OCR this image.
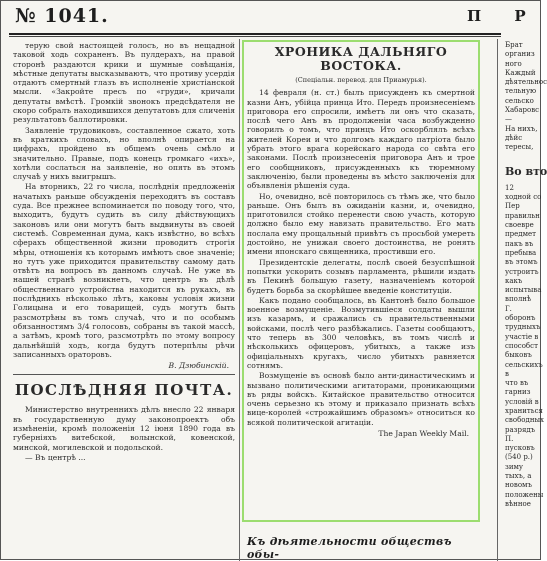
№ 1041.	П Р

терую свой настоящей голосъ, но въ нещадной таковой ходь сохраненъ. Въ пулдерахъ, на правой сторонѣ раздаются крики и шумные совѣщанія, мѣстные депутаты высказываютъ, что противу усердія отдаютъ смертный глазъ въ исполненіе христіанской мысли. «Закройте пресъ по «груди», кричали депутаты вмѣстѣ. Громкій звонокъ предсѣдателя не скоро собралъ находившихся депутатовъ для сличенія результатовъ баллотировки.

Заявленіе трудовиковъ, составленное сжато, хоть въ краткихъ словахъ, но вполнѣ опирается на цифрахъ, пройдено въ общемъ очень смѣло и значительно. Правые, подъ конецъ громкаго «ихъ», хотѣли сослаться на заявленіе, но опять въ этомъ случаѣ у нихъ выигрышъ.

На вторникъ, 22 го числа, послѣднія предложенія начатыхъ раньше обсужденія переходятъ въ составъ суда. Все прежнее вспоминается по поводу того, что, выходитъ, будутъ судить въ силу дѣйствующихъ законовъ или они могутъ быть выдвинуты въ своей системѣ. Современная дума, какъ извѣстно, во всѣхъ сферахъ общественной жизни проводитъ строгія мѣры, отношенія къ которымъ имѣютъ свое значеніе; но тутъ уже приходится правительству самому дать отвѣтъ на вопросъ въ данномъ случаѣ. Не уже въ нашей странѣ возникнетъ, что центръ въ дѣлѣ общественнаго устройства находится въ рукахъ, въ послѣднихъ нѣсколько лѣтъ, каковы условія жизни Голицына и его товарищей, судъ могутъ быть разсмотрѣны въ томъ случаѣ, что и по особымъ обязанностямъ 3/4 голосовъ, собраны въ такой массѣ, а затѣмъ, кромѣ того, разсмотрѣть по этому вопросу дальнѣйшій ходъ, когда будутъ потерпѣлы рѣчи записанныхъ ораторовъ.

В. Дзюбинскій.
ПОСЛѢДНЯЯ ПОЧТА.

Министерство внутреннихъ дѣлъ внесло 22 января въ государственную думу законопроектъ объ измѣненіи, кромѣ положенія 12 іюня 1890 года въ губерніяхъ витебской, волынской, ковенской, минской, могилевской и подольской.

— Въ центрѣ ...

ХРОНИКА ДАЛЬНЯГО ВОСТОКА.
(Спеціальн. перевод. для Приамурья).

14 февраля (н. ст.) былъ присужденъ къ смертной казни Анъ, убійца принца Ито. Передъ произнесеніемъ приговора его спросили, имѣетъ ли онъ что сказать, послѣ чего Анъ въ продолженіи часа возбужденно говорилъ о томъ, что принцъ Ито оскорблялъ всѣхъ жителей Кореи и что долгомъ каждаго патріота было убрать этого врага корейскаго народа со свѣта его законами. Послѣ произнесенія приговора Анъ и трое его сообщниковъ, присужденныхъ къ тюремному заключенію, были проведены въ мѣсто заключенія для объявленія рѣшенія суда.

Но, очевидно, всё повторилось съ тѣмъ же, что было раньше. Онъ былъ въ ожиданіи казни, и, очевидно, приготовился стойко перенести свою участь, которую должно было ему навязать правительство. Его мать послала ему прощальный привѣтъ съ просьбой умереть достойно, не унижая своего достоинства, не ронять имени японскаго священника, простивши его.

Президентскіе делегаты, послѣ своей безуспѣшной попытки ускорить созывъ парламента, рѣшили издать въ Пекинѣ большую газету, назначеніемъ которой будетъ борьба за скорѣйшее введеніе конституціи.

Какъ подано сообщалось, въ Кантонѣ было большое военное возмущеніе. Возмутившіеся солдаты вышли изъ казармъ, и сражались съ правительственными войсками, послѣ чего разбѣжались. Газеты сообщаютъ, что теперь въ 300 человѣкъ, въ томъ числѣ и нѣсколькихъ офицеровъ, убитыхъ, а также изъ офиціальныхъ кругахъ, число убитыхъ равняется сотнямъ.

Возмущеніе въ основѣ было анти-династическимъ и вызвано политическими агитаторами, проникающими въ ряды войскъ. Китайское правительство относится очень серьезно къ этому и приказало признать всѣхъ вице-королей «строжайшимъ образомъ» относиться ко всякой политической агитаціи.

The Japan Weekly Mail.
Къ дѣятельности обществъ обы-
Брат
организ
ного
Каждый
дѣятельнос
тельную
сельско
Хабаровс
—
На нихъ,
дѣйс
тересы,
Во вто
12
ходной со
Пер
правильн
своевре
предмет
пакъ въ
пребыва
въ этомъ
устроитъ
какъ
испытыва
вполнѣ
Г.
оборонъ
трудныхъ
участіе в
способст
быковъ
сельскихъ
в
что въ
гарниз
условій в
храниться
свободных
разрядъ
П.
пусковъ
(540 р.)
зиму
тыхъ, а
новомъ
положены
вѣнное
